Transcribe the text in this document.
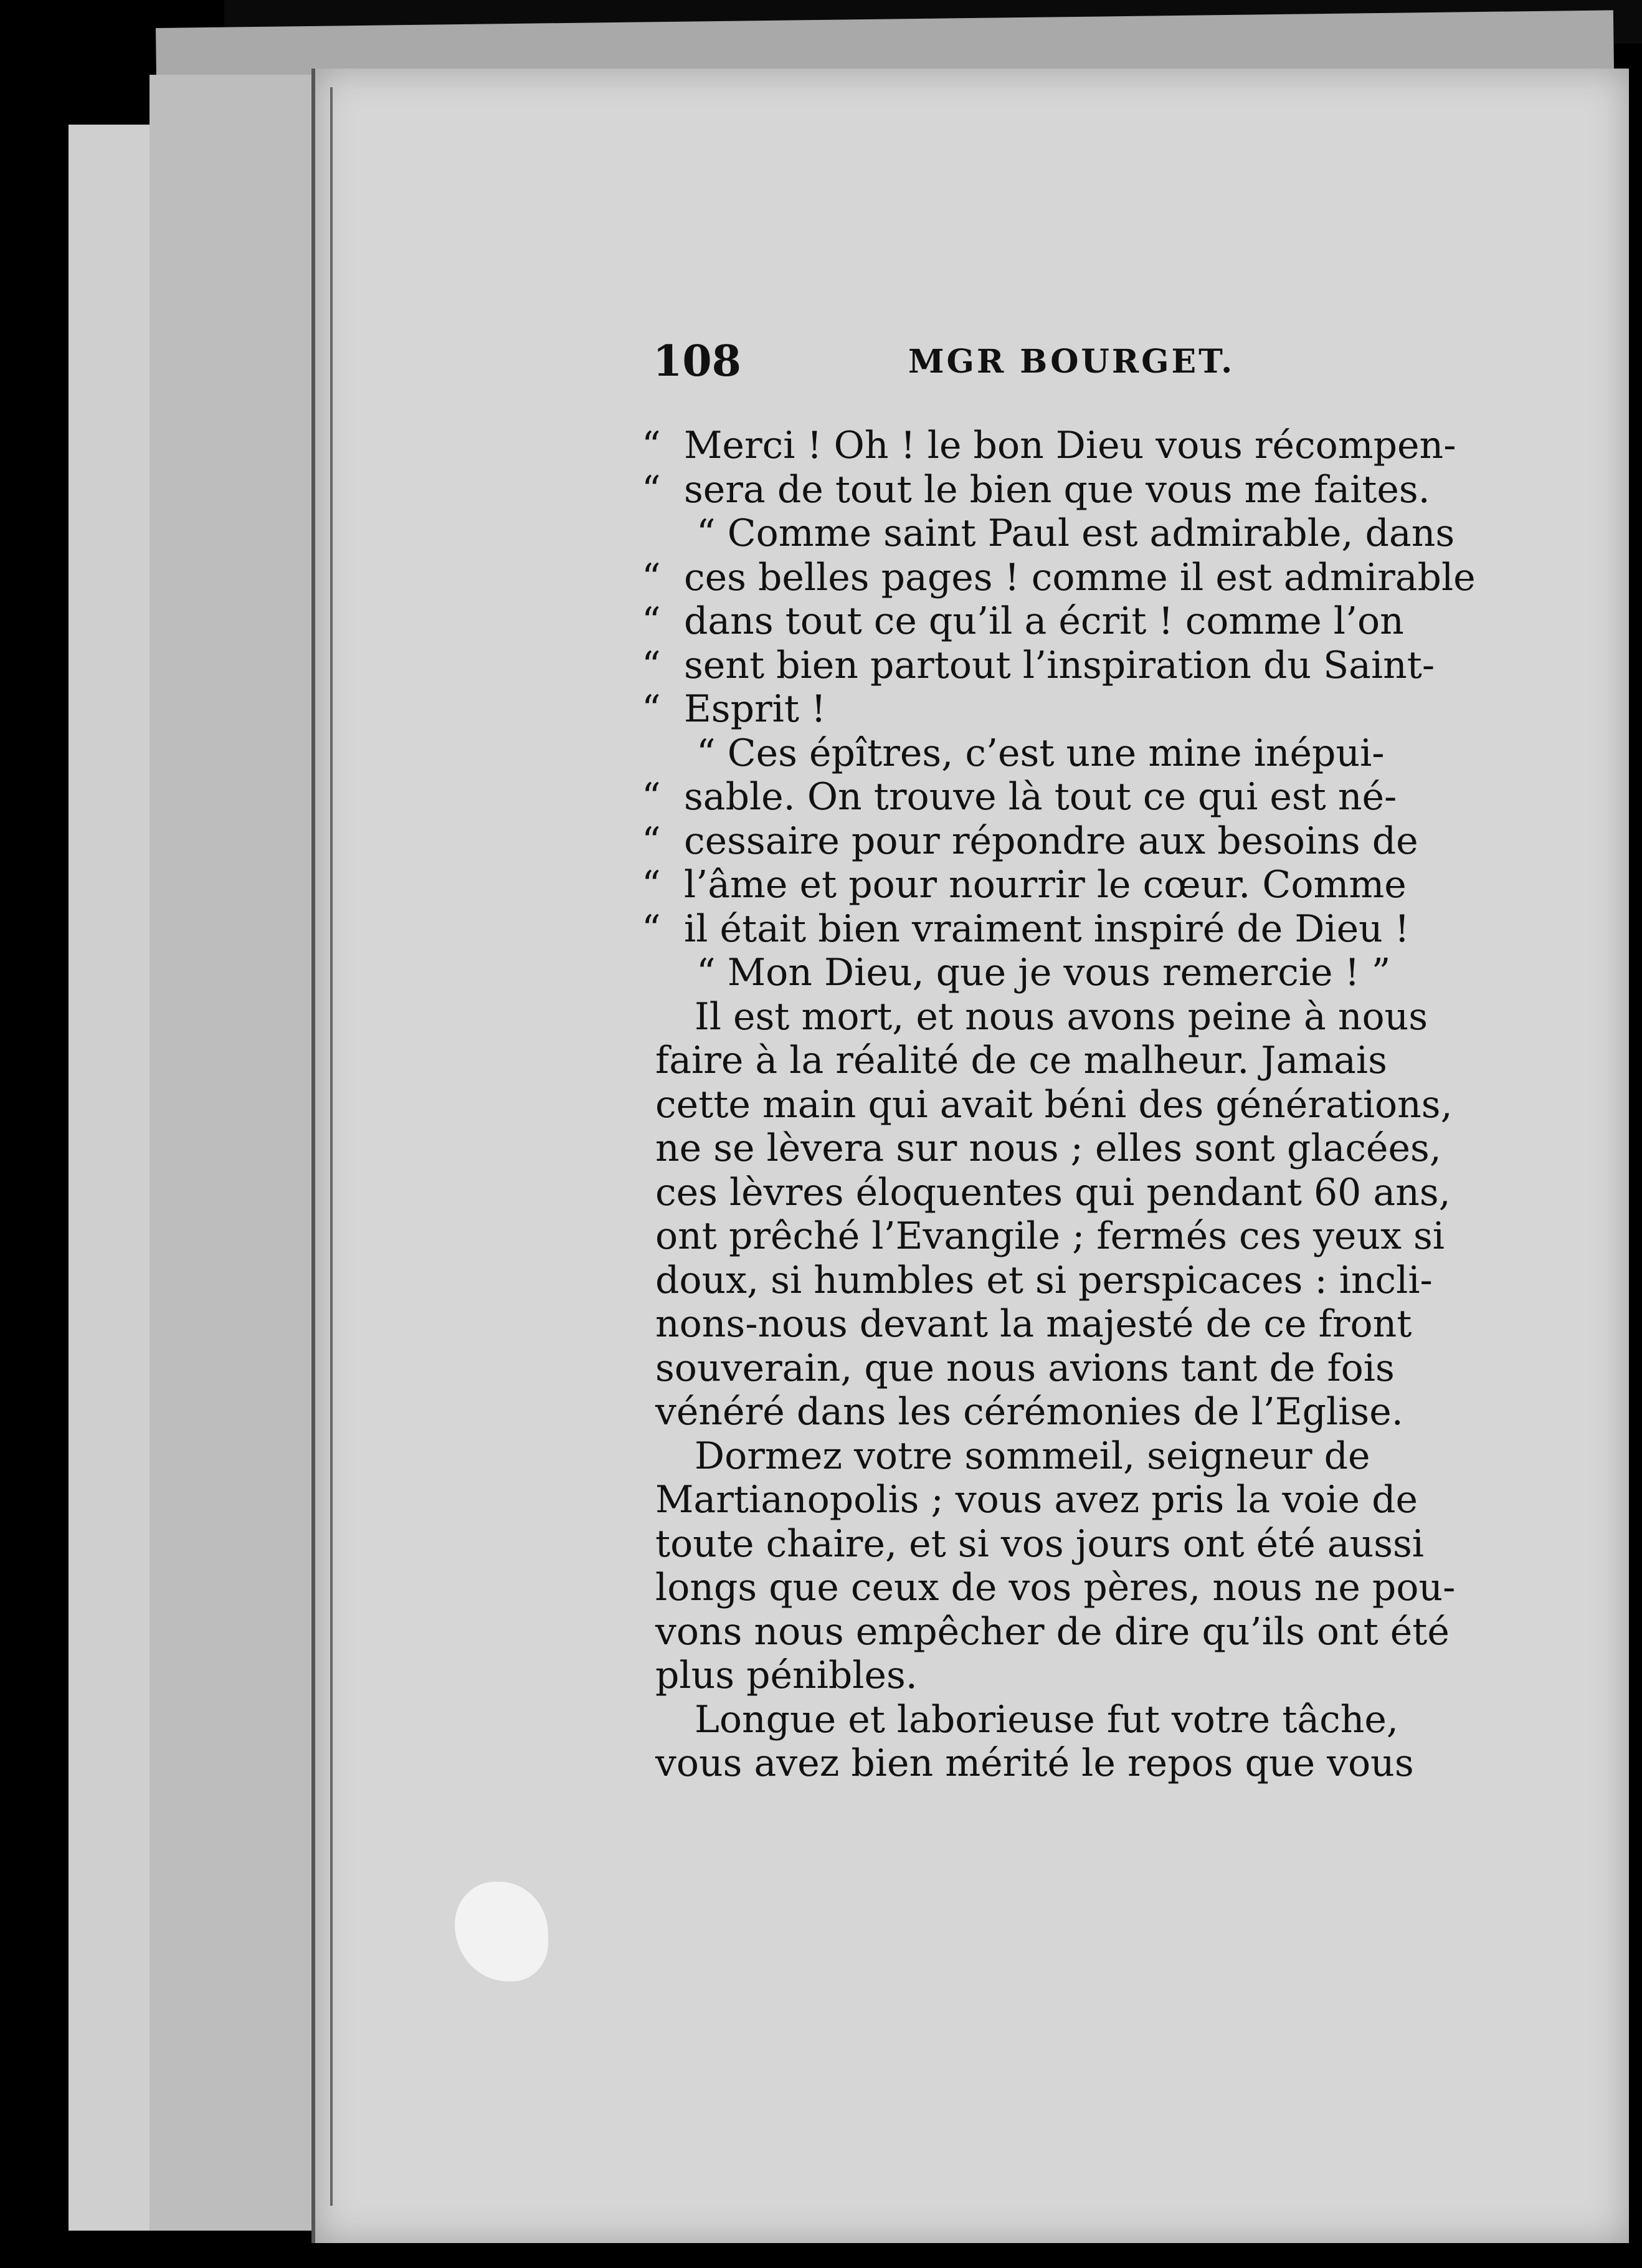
108	MGR BOURGET.
“ Merci ! Oh ! le bon Dieu vous récompen-
“ sera de tout le bien que vous me faites.
“ Comme saint Paul est admirable, dans
“ ces belles pages ! comme il est admirable
“ dans tout ce qu’il a écrit ! comme l’on
“ sent bien partout l’inspiration du Saint-
“ Esprit !
“ Ces épîtres, c’est une mine inépui-
“ sable. On trouve là tout ce qui est né-
“ cessaire pour répondre aux besoins de
“ l’âme et pour nourrir le cœur. Comme
“ il était bien vraiment inspiré de Dieu !
“ Mon Dieu, que je vous remercie ! ”
Il est mort, et nous avons peine à nous
faire à la réalité de ce malheur. Jamais
cette main qui avait béni des générations,
ne se lèvera sur nous ; elles sont glacées,
ces lèvres éloquentes qui pendant 60 ans,
ont prêché l’Evangile ; fermés ces yeux si
doux, si humbles et si perspicaces : incli-
nons-nous devant la majesté de ce front
souverain, que nous avions tant de fois
vénéré dans les cérémonies de l’Eglise.
Dormez votre sommeil, seigneur de
Martianopolis ; vous avez pris la voie de
toute chaire, et si vos jours ont été aussi
longs que ceux de vos pères, nous ne pou-
vons nous empêcher de dire qu’ils ont été
plus pénibles.
Longue et laborieuse fut votre tâche,
vous avez bien mérité le repos que vous
